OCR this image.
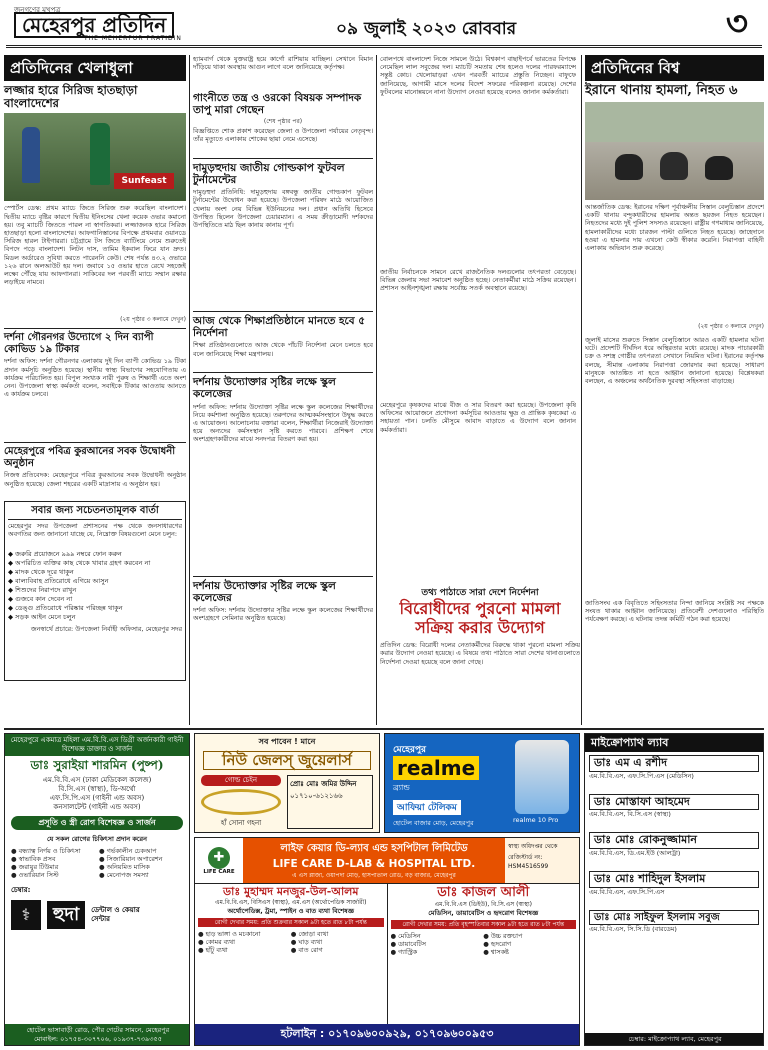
জনগণের মুখপত্র
মেহেরপুর প্রতিদিন
THE MEHERPUR PRATIDIN	০৯ জুলাই ২০২৩ রোববার	৩
প্রতিদিনের খেলাধুলা
লজ্জার হারে সিরিজ হাতছাড়া বাংলাদেশের
Sunfeast
স্পোর্টস ডেস্ক: প্রথম ম্যাচে জিতে সিরিজ শুরু করেছিল বাংলাদেশ। দ্বিতীয় ম্যাচে বৃষ্টির কারণে দ্বিতীয় ইনিংসের খেলা কয়েক ওভার কমানো হয়। তবু ম্যাচটি জিততে পারল না স্বাগতিকরা। লজ্জাজনক হারে সিরিজ হাতছাড়া হলো বাংলাদেশের। আফগানিস্তানের বিপক্ষে প্রথমবার ওয়ানডে সিরিজ হারল টাইগাররা। চট্টগ্রামে টস জিতে ব্যাটিংয়ে নেমে শুরুতেই বিপদে পড়ে বাংলাদেশ। লিটন দাস, তামিম ইকবাল ফিরে যান দ্রুত। মিডল অর্ডারেও সুবিধা করতে পারেননি কেউ। শেষ পর্যন্ত ৪৩.২ ওভারে ১২৬ রানে অলআউট হয় দল। জবাবে ১৫ ওভার হাতে রেখে সহজেই লক্ষ্যে পৌঁছে যায় আফগানরা। সাকিবের দল পরবর্তী ম্যাচে সম্মান রক্ষার লড়াইয়ে নামবে।
(২য় পৃষ্ঠার ৩ কলামে দেখুন)
দর্শনা গৌরনগর উদ্যোগে ২ দিন ব্যাপী কোভিড ১৯ টিকার
দর্শনা অফিস: দর্শনা গৌরনগর এলাকায় দুই দিন ব্যাপী কোভিড ১৯ টিকা প্রদান কর্মসূচি অনুষ্ঠিত হয়েছে। স্থানীয় স্বাস্থ্য বিভাগের সহযোগিতায় এ কার্যক্রম পরিচালিত হয়। বিপুল সংখ্যক নারী পুরুষ ও শিক্ষার্থী এতে অংশ নেন। উপজেলা স্বাস্থ্য কর্মকর্তা বলেন, সবাইকে টিকার আওতায় আনতে এ কার্যক্রম চলবে।
মেহেরপুরে পবিত্র কুরআনের সবক উদ্বোধনী অনুষ্ঠান
নিজস্ব প্রতিবেদক: মেহেরপুরে পবিত্র কুরআনের সবক উদ্বোধনী অনুষ্ঠান অনুষ্ঠিত হয়েছে। জেলা শহরের একটি মাদ্রাসায় এ অনুষ্ঠান হয়।
সবার জন্য সচেতনতামূলক বার্তা
মেহেরপুর সদর উপজেলা প্রশাসনের পক্ষ থেকে জনসাধারণের অবগতির জন্য জানানো যাচ্ছে যে, নিম্নোক্ত বিষয়গুলো মেনে চলুন:
◆ জরুরি প্রয়োজনে ৯৯৯ নম্বরে ফোন করুন
◆ অপরিচিত ব্যক্তির কাছ থেকে খাবার গ্রহণ করবেন না
◆ মাদক থেকে দূরে থাকুন
◆ বাল্যবিবাহ প্রতিরোধে এগিয়ে আসুন
◆ শিশুদের নিরাপদে রাখুন
◆ গুজবে কান দেবেন না
◆ ডেঙ্গু প্রতিরোধে পরিষ্কার পরিচ্ছন্ন থাকুন
◆ সড়ক আইন মেনে চলুন
জনস্বার্থে প্রচারে: উপজেলা নির্বাহী অফিসার, মেহেরপুর সদর
হ্যামবার্গ থেকে যুক্তরাষ্ট্র হয়ে কার্গো রাশিয়ায় যাচ্ছিল। সেখানে বিমান দাঁড়িয়ে থাকা অবস্থায় আগুন লাগে বলে জানিয়েছে কর্তৃপক্ষ।
গাংনীতে তন্ত্র ও ওরকো বিষয়ক সম্পাদক তাপু মারা গেছেন
(শেষ পৃষ্ঠার পর)
বিজ্ঞপ্তিতে শোক প্রকাশ করেছেন জেলা ও উপজেলা পর্যায়ের নেতৃবৃন্দ। তাঁর মৃত্যুতে এলাকায় শোকের ছায়া নেমে এসেছে।
দামুড়হুদায় জাতীয় গোল্ডকাপ ফুটবল টুর্নামেন্টের
দামুড়হুদা প্রতিনিধি: দামুড়হুদায় বঙ্গবন্ধু জাতীয় গোল্ডকাপ ফুটবল টুর্নামেন্টের উদ্বোধন করা হয়েছে। উপজেলা পরিষদ মাঠে আয়োজিত খেলায় অংশ নেয় বিভিন্ন ইউনিয়নের দল। প্রধান অতিথি হিসেবে উপস্থিত ছিলেন উপজেলা চেয়ারম্যান। এ সময় ক্রীড়ামোদী দর্শকদের উপস্থিতিতে মাঠ ছিল কানায় কানায় পূর্ণ।
আজ থেকে শিক্ষাপ্রতিষ্ঠানে মানতে হবে ৫ নির্দেশনা
শিক্ষা প্রতিষ্ঠানগুলোতে আজ থেকে পাঁচটি নির্দেশনা মেনে চলতে হবে বলে জানিয়েছে শিক্ষা মন্ত্রণালয়।
দর্শনায় উদ্যোক্তার সৃষ্টির লক্ষে স্কুল কলেজের
দর্শনা অফিস: দর্শনায় উদ্যোক্তা সৃষ্টির লক্ষে স্কুল কলেজের শিক্ষার্থীদের নিয়ে কর্মশালা অনুষ্ঠিত হয়েছে। তরুণদের আত্মকর্মসংস্থানে উদ্বুদ্ধ করতে এ আয়োজন। আলোচনায় বক্তারা বলেন, শিক্ষার্থীরা নিজেরাই উদ্যোক্তা হয়ে অন্যদের কর্মসংস্থান সৃষ্টি করতে পারবে। প্রশিক্ষণ শেষে অংশগ্রহণকারীদের মাঝে সনদপত্র বিতরণ করা হয়।
দর্শনায় উদ্যোক্তার সৃষ্টির লক্ষে স্কুল কলেজের
দর্শনা অফিস: দর্শনায় উদ্যোক্তার সৃষ্টির লক্ষে স্কুল কলেজের শিক্ষার্থীদের অংশগ্রহণে সেমিনার অনুষ্ঠিত হয়েছে।
বোলপথে বাংলাদেশ নিজে সামলে উঠে। বিশ্বকাপ বাছাইপর্বে ভারতের বিপক্ষে নেমেছিল লাল সবুজের দল। ম্যাচটি সমতায় শেষ হলেও দলের পারফরম্যান্সে সন্তুষ্ট কোচ। খেলোয়াড়রা এখন পরবর্তী ম্যাচের প্রস্তুতি নিচ্ছেন। বাফুফে জানিয়েছে, আগামী মাসে দলের বিদেশ সফরের পরিকল্পনা রয়েছে। দেশের ফুটবলের মানোন্নয়নে নানা উদ্যোগ নেওয়া হয়েছে বলেও জানান কর্মকর্তারা।
জাতীয় নির্বাচনকে সামনে রেখে রাজনৈতিক দলগুলোর তৎপরতা বেড়েছে। বিভিন্ন জেলায় সভা সমাবেশ অনুষ্ঠিত হচ্ছে। নেতাকর্মীরা মাঠে সক্রিয় রয়েছেন। প্রশাসন আইনশৃঙ্খলা রক্ষায় সর্বোচ্চ সতর্ক অবস্থানে রয়েছে।
মেহেরপুরে কৃষকদের মাঝে বীজ ও সার বিতরণ করা হয়েছে। উপজেলা কৃষি অফিসের আয়োজনে প্রণোদনা কর্মসূচির আওতায় ক্ষুদ্র ও প্রান্তিক কৃষকেরা এ সহায়তা পান। চলতি মৌসুমে আবাদ বাড়াতে এ উদ্যোগ বলে জানান কর্মকর্তারা।
তথ্য পাঠাতে সারা দেশে নির্দেশনা
বিরোধীদের পুরনো মামলা সক্রিয় করার উদ্যোগ
প্রতিদিন ডেস্ক: বিরোধী দলের নেতাকর্মীদের বিরুদ্ধে থাকা পুরনো মামলা সক্রিয় করার উদ্যোগ নেওয়া হয়েছে। এ বিষয়ে তথ্য পাঠাতে সারা দেশের থানাগুলোতে নির্দেশনা দেওয়া হয়েছে বলে জানা গেছে।
প্রতিদিনের বিশ্ব
ইরানে থানায় হামলা, নিহত ৬
আন্তর্জাতিক ডেস্ক: ইরানের দক্ষিণ পূর্বাঞ্চলীয় সিস্তান বেলুচিস্তান প্রদেশে একটি থানায় বন্দুকধারীদের হামলায় অন্তত ছয়জন নিহত হয়েছেন। নিহতদের মধ্যে দুই পুলিশ সদস্যও রয়েছেন। রাষ্ট্রীয় গণমাধ্যম জানিয়েছে, হামলাকারীদের মধ্যে চারজন পাল্টা গুলিতে নিহত হয়েছে। জাহেদানে হওয়া এ হামলার দায় এখনো কেউ স্বীকার করেনি। নিরাপত্তা বাহিনী এলাকায় অভিযান শুরু করেছে।
(২য় পৃষ্ঠার ৩ কলামে দেখুন)
জুলাই মাসের শুরুতে সিস্তান বেলুচিস্তানে আরও একটি হামলার ঘটনা ঘটে। প্রদেশটি দীর্ঘদিন ধরে অস্থিরতার মধ্যে রয়েছে। মাদক পাচারকারী চক্র ও সশস্ত্র গোষ্ঠীর তৎপরতা সেখানে নিয়মিত ঘটনা। ইরানের কর্তৃপক্ষ বলছে, সীমান্ত এলাকায় নিরাপত্তা জোরদার করা হয়েছে। সাধারণ মানুষকে আতঙ্কিত না হতে আহ্বান জানানো হয়েছে। বিশ্লেষকরা বলছেন, এ অঞ্চলের অর্থনৈতিক দুরবস্থা সহিংসতা বাড়াচ্ছে।
জাতিসংঘ এক বিবৃতিতে সহিংসতার নিন্দা জানিয়ে সংশ্লিষ্ট সব পক্ষকে সংযত থাকার আহ্বান জানিয়েছে। প্রতিবেশী দেশগুলোও পরিস্থিতি পর্যবেক্ষণ করছে। এ ঘটনায় তদন্ত কমিটি গঠন করা হয়েছে।
মেহেরপুরে একমাত্র মহিলা এম.বি.বি.এস ডিগ্রী অর্জনকারী গাইনী বিশেষজ্ঞ ডাক্তার ও সার্জন
ডাঃ সুরাইয়া শারমিন (পুষ্প)
এম.বি.বি.এস (ঢাকা মেডিকেল কলেজ)
বি.সি.এস (স্বাস্থ্য), ডি-অর্থো
এফ.সি.পি.এস (গাইনী এন্ড অবস)
কনসালটেন্ট (গাইনী এন্ড অবস)
প্রসূতি ও স্ত্রী রোগ বিশেষজ্ঞ ও সার্জন
যে সকল রোগের চিকিৎসা প্রদান করেন
● বন্ধ্যাত্ব নির্ণয় ও চিকিৎসা	● গর্ভকালীন চেকআপ
● স্বাভাবিক প্রসব	● সিজারিয়ান অপারেশন
● জরায়ুর টিউমার	● অনিয়মিত মাসিক
● ওভারিয়ান সিস্ট	● মেনোপজ সমস্যা
চেম্বার:
⚕	হুদা	ডেন্টাল ও কেয়ার সেন্টার
হোটেল ভাসাবাড়ী রোড, পৌর গেটের সামনে, মেহেরপুর
মোবাইল: ০১৭৫৪-৩০৭৭০৬, ০১৯৩৭-৭৩৯৩৫৫
সব পাবেন ! মানে
নিউ জেলস্ জুয়েলার্স
গোল্ড চেইন
হাঁ সোনা গহনা
প্রোঃ মোঃ জমির উদ্দিন
০১৭১০-৬১২১৬৬
মেহেরপুর
realme
ব্র্যান্ড
realme 10 Pro
আফিয়া টেলিকম
হোটেল বাজার মোড়, মেহেরপুর
মাইক্রোপ্যাথ ল্যাব
ডাঃ এম এ রশীদ
এম.বি.বি.এস, এফ.সি.পি.এস (মেডিসিন)
ডাঃ মোস্তাফা আহমেদ
এম.বি.বি.এস, বি.সি.এস (স্বাস্থ্য)
ডাঃ মোঃ রোকনুজ্জামান
এম.বি.বি.এস, ডি.এম.ইউ (আলট্রা)
ডাঃ মোঃ শাহিদুল ইসলাম
এম.বি.বি.এস, এফ.সি.পি.এস
ডাঃ মোঃ সাইফুল ইসলাম সবুজ
এম.বি.বি.এস, সি.সি.ডি (বারডেম)
চেম্বার: মাইক্রোপ্যাথ ল্যাব, মেহেরপুর
✚
LIFE CARE
লাইফ কেয়ার ডি-ল্যাব এন্ড হসপিটাল লিমিটেড
LIFE CARE D-LAB & HOSPITAL LTD.
এ এস প্লাজা, ওয়াপদা মোড়, হাসপাতাল রোড, বড় বাজার, মেহেরপুর
স্বাস্থ্য অধিদপ্তর থেকে রেজিস্টার্ড নং: HSM4516599
ডাঃ মুহাম্মদ মনজুর-উল-আলম
এম.বি.বি.এস, বিসিএস (স্বাস্থ্য), এম.এস (অর্থোপেডিক সার্জারী)
অর্থোপেডিক্স, ট্রমা, স্পাইন ও বাত ব্যথা বিশেষজ্ঞ
রোগী দেখার সময়: প্রতি শুক্রবার সকাল ৯টা হতে রাত ৮টা পর্যন্ত
● হাড় ভাঙ্গা ও মচকানো	● জোড়া ব্যথা
● কোমর ব্যথা	● ঘাড় ব্যথা
● হাঁটু ব্যথা	● বাত রোগ
ডাঃ কাজল আলী
এম.বি.বি.এস (ডিইউ), বি.সি.এস (স্বাস্থ্য)
মেডিসিন, ডায়াবেটিস ও হৃদরোগ বিশেষজ্ঞ
রোগী দেখার সময়: প্রতি বৃহস্পতিবার সকাল ৯টা হতে রাত ৮টা পর্যন্ত
● মেডিসিন	● উচ্চ রক্তচাপ
● ডায়াবেটিস	● হৃদরোগ
● গ্যাস্ট্রিক	● শ্বাসকষ্ট
হটলাইন : ০১৭০৯৬০০৯২৯, ০১৭০৯৬০০৯৫৩
